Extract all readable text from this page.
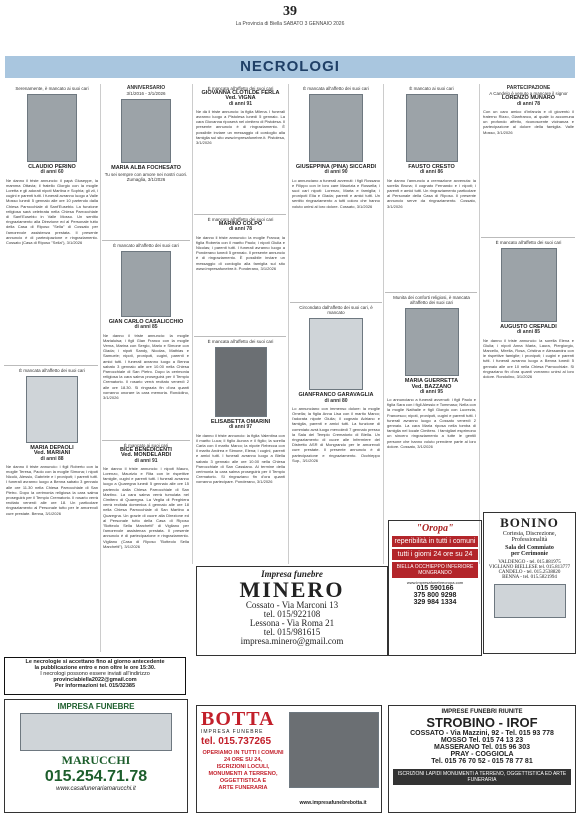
39
La Provincia di Biella SABATO 3 GENNAIO 2026
NECROLOGI
Serenamente, è mancato ai suoi cari
CLAUDIO PERINO
di anni 60
Ne danno il triste annuncio: il papà Giuseppe, la mamma Ottavia; il fratello Giorgio con la moglie Loretta e gli adorati nipoti Martina e Sophia; gli zii, i cugini e parenti tutti. I funerali avranno luogo a Valle Mosso lunedì 5 gennaio alle ore 10 partendo dalla Chiesa Parrocchiale di Sant'Eusebio. La funzione religiosa sarà celebrata nella Chiesa Parrocchiale di Sant'Eusebio in Valle Mosso. Un sentito ringraziamento alla Direzione ed al Personale tutto della Casa di Riposo "Sella" di Cossato per l'amorevole assistenza prestata. Il presente annuncio è di partecipazione e ringraziamento. Cossato (Casa di Riposo "Sella"), 3/1/2026
È mancata all'affetto dei suoi cari
MARIA DEPAOLI
Ved. MARIANI
di anni 88
Ne danno il triste annuncio: i figli Roberto con la moglie Teresa, Paolo con la moglie Simona; i nipoti Nicolò, Alessio, Gabriele e i pronipoti; i parenti tutti. I funerali avranno luogo a Benna sabato 3 gennaio alle ore 11.30 nella Chiesa Parrocchiale di San Pietro. Dopo la cerimonia religiosa la cara salma proseguirà per il Tempio Crematorio. Il rosario verrà recitato venerdì alle ore 18. Un particolare ringraziamento al Personale tutto per le amorevoli cure prestate. Benna, 3/1/2026
ANNIVERSARIO
3/1/2016 - 3/1/2026
MARIA ALBA FOCHESATO
Tu sei sempre con amore nei nostri cuori.
Zumaglia, 3/1/2026
È mancato all'affetto dei suoi cari
GIAN CARLO CASALICCHIO
di anni 85
Ne danno il triste annuncio: la moglie Marialuisa; i figli Gian Franco con la moglie Verna, Marina con Sergio, Mario e Simone con Giada; i nipoti Sandy, Nicolas, Mathias e Samuele; nipoti, pronipoti, cugini, parenti e amici tutti. I funerali avranno luogo a Benna sabato 3 gennaio alle ore 10.00 nella Chiesa Parrocchiale di San Pietro. Dopo la cerimonia religiosa la cara salma proseguirà per il Tempio Crematorio. Il rosario verrà recitato venerdì 2 alle ore 18.30. Si ringrazia fin d'ora quanti vorranno onorare la cara memoria. Rondolino, 3/1/2026
È mancato ai suoi cari
BICE BENEDICENTI
Ved. MONDELARDI
di anni 91
Ne danno il triste annuncio: i nipoti Mauro, Lorenzo, Maurizio e Rita con le rispettive famiglie, cugini e parenti tutti. I funerali avranno luogo a Quaregna lunedì 5 gennaio alle ore 15 partendo dalla Chiesa Parrocchiale di San Martino. La cara salma verrà tumulata nel Cimitero di Quaregna. La Veglia di Preghiera verrà recitata domenica 4 gennaio alle ore 18 nella Chiesa Parrocchiale di San Martino a Quaregna. Un grazie di cuore alla Direzione ed al Personale tutto della Casa di Riposo "Botteolo Sella Marchetti" di Vigliano per l'amorevole assistenza prestata. Il presente annuncio è di partecipazione e ringraziamento. Vigliano (Casa di Riposo "Botteolo Sella Marchetti"), 3/1/2026
È mancata all'affetto dei suoi cari
GIOVANNA CLOTILDE FERLA
Ved. VIGNA
di anni 91
Ne dà il triste annuncio: la figlia Milena. I funerali avranno luogo a Pistolesa lunedì 5 gennaio. La cara Giovanna riposerà nel cimitero di Pistolesa. Il presente annuncio è di ringraziamento. È possibile inviare un messaggio di cordoglio alla famiglia sul sito www.impresafunebre.it. Pistolesa, 3/1/2026
È mancato all'affetto dei suoi cari
MARINO COLPO
di anni 78
Ne danno il triste annuncio: la moglie Franca; la figlia Roberta con il marito Paolo; i nipoti Giulia e Nicolas; i parenti tutti. I funerali avranno luogo a Ponderano lunedì 5 gennaio. Il presente annuncio è di ringraziamento. È possibile inviare un messaggio di cordoglio alla famiglia sul sito www.impresafunebre.it. Ponderano, 3/1/2026
È mancata all'affetto dei suoi cari
ELISABETTA OMARINI
di anni 97
Ne danno il triste annuncio: la figlia Valentina con il marito Luca; il figlio Aurora e il figlio; la sorella Carla con il marito Marco; la nipote Rebecca con il marito Andrea e Simone, Elena; i cugini, parenti e amici tutti. I funerali avranno luogo a Biella sabato 3 gennaio alle ore 10.00 nella Chiesa Parrocchiale di San Cassiano. Al termine della cerimonia la cara salma proseguirà per il Tempio Crematorio. Si ringraziano fin d'ora quanti vorranno partecipare. Ponderano, 3/1/2026
È mancata all'affetto dei suoi cari
GIUSEPPINA (PINA) SICCARDI
di anni 90
Lo annunciano a funerali avvenuti: i figli Rossano e Filippo con le loro care Maurizia e Rossella; i suoi cari nipoti: Lorenzo, Marta e famiglia; i pronipoti Elia e Giada; parenti e amici tutti. Un sentito ringraziamento a tutti coloro che hanno voluto unirsi al loro dolore. Cossato, 3/1/2026
Circondato dall'affetto dei suoi cari, è mancato
GIANFRANCO GARAVAGLIA
di anni 80
Lo annunciano con immenso dolore: la moglie Ornella; la figlia Anna Lisa con il marito Marco; l'adorata nipote Giulia; il cognato Adriano e famiglia, parenti e amici tutti. La funzione di commiato avrà luogo mercoledì 7 gennaio presso la Sala del Tempio Crematorio di Biella. Un ringraziamento di cuore alle Infermiere del Distretto ASR di Mongrando per le amorevoli cure prestate. Il presente annuncio è di partecipazione e ringraziamento. Occhieppo Sup., 3/1/2026
È mancato ai suoi cari
FAUSTO CRESTO
di anni 86
Ne danno l'annuncio a cremazione avvenuta: la sorella Bruna; il cognato Fernando e i nipoti; i parenti e amici tutti. Un ringraziamento particolare al Personale della Casa di Riposo. Il presente annuncio serve da ringraziamento. Cossato, 3/1/2026
Munita dei conforti religiosi, è mancata all'affetto dei suoi cari
MARIA GUERRETTA
Ved. BAZZANO
di anni 95
Lo annunciano a funerali avvenuti: i figli Paolo e figlia Sara con i figli Alessio e Tommaso; Nella con la moglie Nathalie e figli Giorgio con Lucrezia, Francesco; nipoti, pronipoti, cugini e parenti tutti. I funerali avranno luogo a Cossato venerdì 2 gennaio. La cara Maria riposa nella tomba di famiglia nel locale Cimitero. I famigliari esprimono un sincero ringraziamento a tutte le gentili persone che hanno voluto prendere parte al loro dolore. Cossato, 3/1/2026
PARTECIPAZIONE
A Candelo è venuto a mancare il signor
LORENZO MUNARO
di anni 78
Con un caro amico d'infanzia e di gioventù il fraterno Rizzo, Gianfranco, al quale lo accomuna un profondo affetto, riconoscente vicinanza e partecipazione al dolore della famiglia. Valle Mosso, 3/1/2026
È mancato all'affetto dei suoi cari
AUGUSTO CREPALDI
di anni 85
Ne danno il triste annuncio: la sorella Elena e Giulia; i nipoti Anna Maria, Laura, Piergiorgio, Marcello, Mirella, Rosa, Cristina e Alessandra con le rispettive famiglie; i pronipoti; i cugini e parenti tutti. I funerali avranno luogo a Benna lunedì 5 gennaio alle ore 10 nella Chiesa Parrocchiale. Si ringraziano fin d'ora quanti vorranno unirsi al loro dolore. Rondolino, 3/1/2026
Impresa funebre
MINERO
Cossato - Via Marconi 13
tel. 015/922108
Lessona - Via Roma 21
tel. 015/981615
impresa.minero@gmail.com
"Oropa"
reperibilità in tutti i comuni
tutti i giorni 24 ore su 24
BIELLA OCCHIEPPO INFERIORE MONGRANDO
www.impresafunebreoropa.com
015 590166
375 800 9298
329 984 1334
BONINO
Cortesia, Discrezione,
Professionalità
Sala del Commiato
per Cerimonie
VALDENGO - tel. 015.881975
VIGLIANO BIELLESE tel. 015.813777
CANDELO - tel. 015.2538820
BENNA - tel. 015.5821994
Le necrologie si accettano fino al giorno antecedente
la pubblicazione entro e non oltre le ore 15:30.
I necrologi possono essere inviati all'indirizzo
provinciabiella2022@gmail.com
Per informazioni tel. 015/32385
IMPRESA FUNEBRE
MARUCCHI
015.254.71.78
www.casafunerariamarucchi.it
BOTTA
IMPRESA FUNEBRE
tel. 015.737265
OPERIAMO IN TUTTI I COMUNI
24 ORE SU 24,
ISCRIZIONI LOCULI,
MONUMENTI A TERRENO,
OGGETTISTICA E
ARTE FUNERARIA
www.impresafunebrebotta.it
IMPRESE FUNEBRI RIUNITE
STROBINO - IROF
COSSATO - Via Mazzini, 92 - Tel. 015 93 778
MOSSO Tel. 015 74 13 23
MASSERANO Tel. 015 96 303
PRAY - COGGIOLA
Tel. 015 76 70 52 - 015 78 77 81
ISCRIZIONI LAPIDI MONUMENTI A TERRENO, OGGETTISTICA ED ARTE FUNERARIA
